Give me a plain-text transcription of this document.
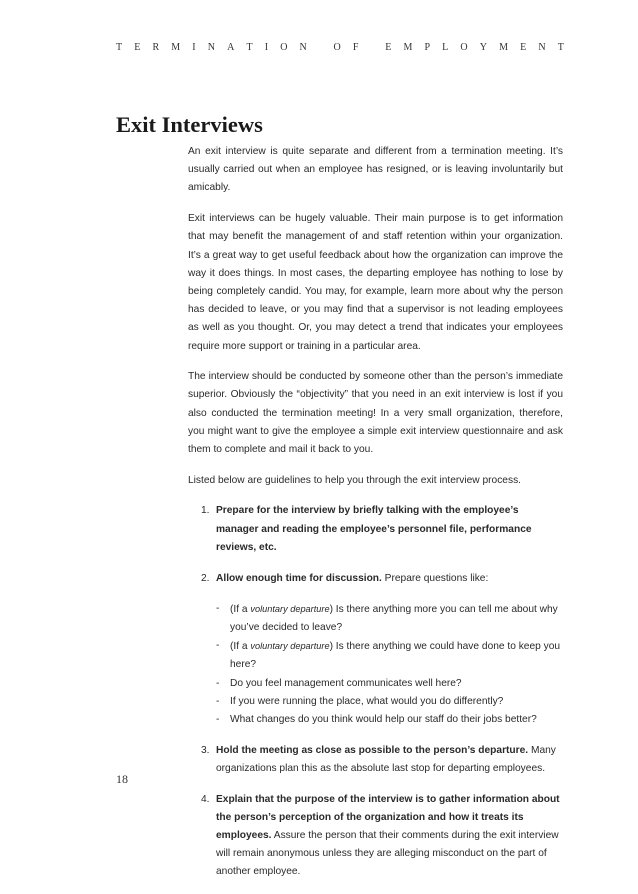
T E R M I N A T I O N
	O F
	E M P L O Y M E N T
Exit Interviews

An exit interview is quite separate and different from a termination meeting. It’s usually carried out when an employee has resigned, or is leaving involuntarily but amicably.

Exit interviews can be hugely valuable. Their main purpose is to get information that may benefit the management of and staff retention within your organization. It’s a great way to get useful feedback about how the organization can improve the way it does things. In most cases, the departing employee has nothing to lose by being completely candid. You may, for example, learn more about why the person has decided to leave, or you may find that a supervisor is not leading employees as well as you thought. Or, you may detect a trend that indicates your employees require more support or training in a particular area.

The interview should be conducted by someone other than the person’s immediate superior. Obviously the “objectivity” that you need in an exit interview is lost if you also conducted the termination meeting! In a very small organization, therefore, you might want to give the employee a simple exit interview questionnaire and ask them to complete and mail it back to you.

Listed below are guidelines to help you through the exit interview process.

1. Prepare for the interview by briefly talking with the employee’s manager and reading the employee’s personnel file, performance reviews, etc.
2. Allow enough time for discussion. Prepare questions like:
- (If a voluntary departure) Is there anything more you can tell me about why you’ve decided to leave?
- (If a voluntary departure) Is there anything we could have done to keep you here?
- Do you feel management communicates well here?
- If you were running the place, what would you do differently?
- What changes do you think would help our staff do their jobs better?
3. Hold the meeting as close as possible to the person’s departure. Many organizations plan this as the absolute last stop for departing employees.
4. Explain that the purpose of the interview is to gather information about the person’s perception of the organization and how it treats its employees. Assure the person that their comments during the exit interview will remain anonymous unless they are alleging misconduct on the part of another employee.
18
